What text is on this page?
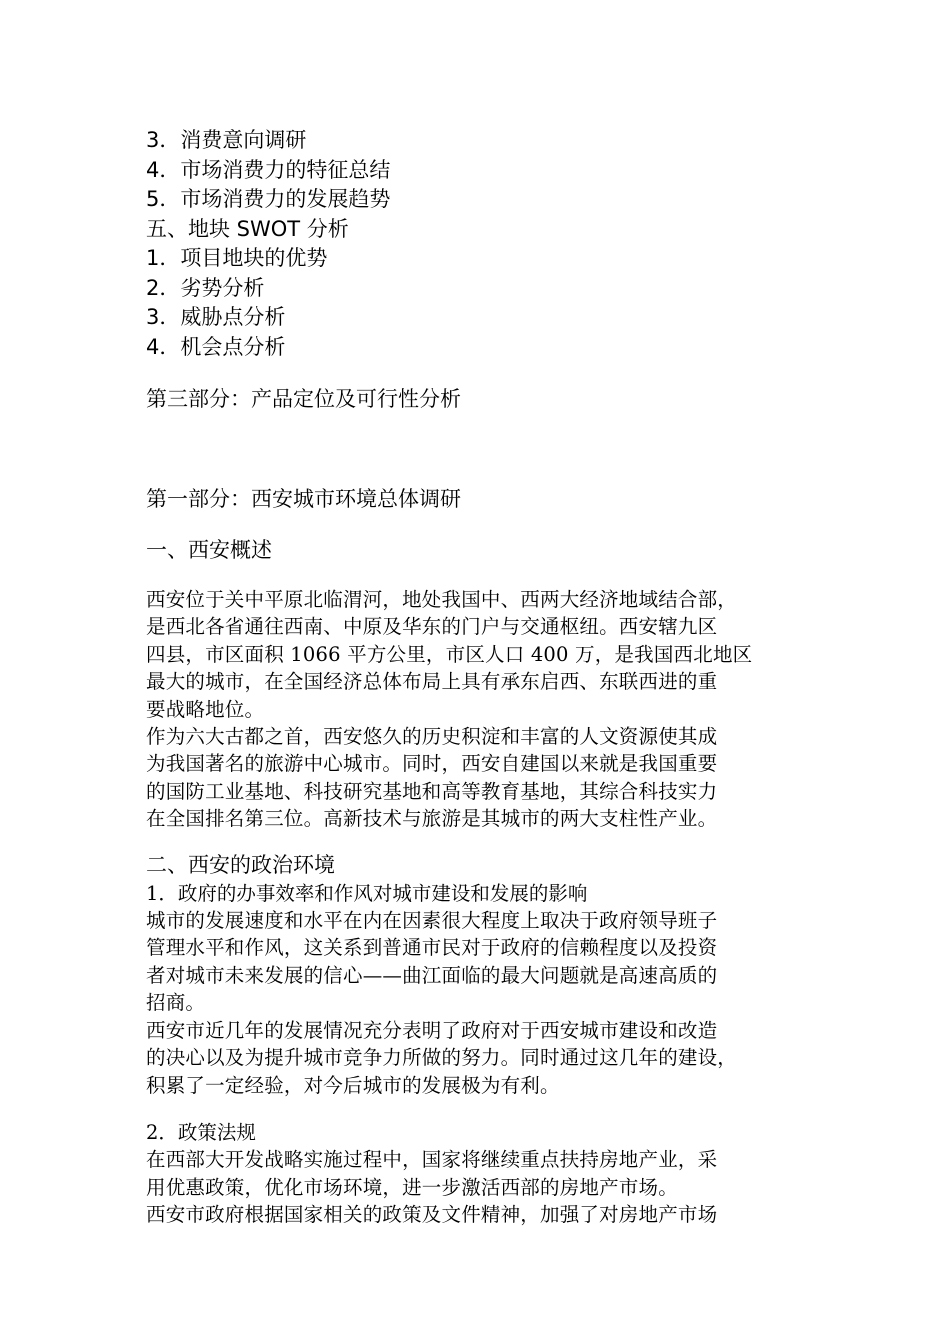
3．消费意向调研
4．市场消费力的特征总结
5．市场消费力的发展趋势
五、地块 SWOT 分析
1．项目地块的优势
2．劣势分析
3．威胁点分析
4．机会点分析
第三部分：产品定位及可行性分析
第一部分：西安城市环境总体调研
一、西安概述
西安位于关中平原北临渭河，地处我国中、西两大经济地域结合部，
是西北各省通往西南、中原及华东的门户与交通枢纽。西安辖九区
四县，市区面积 1066 平方公里，市区人口 400 万，是我国西北地区
最大的城市，在全国经济总体布局上具有承东启西、东联西进的重
要战略地位。
作为六大古都之首，西安悠久的历史积淀和丰富的人文资源使其成
为我国著名的旅游中心城市。同时，西安自建国以来就是我国重要
的国防工业基地、科技研究基地和高等教育基地，其综合科技实力
在全国排名第三位。高新技术与旅游是其城市的两大支柱性产业。
二、西安的政治环境
1．政府的办事效率和作风对城市建设和发展的影响
城市的发展速度和水平在内在因素很大程度上取决于政府领导班子
管理水平和作风，这关系到普通市民对于政府的信赖程度以及投资
者对城市未来发展的信心——曲江面临的最大问题就是高速高质的
招商。
西安市近几年的发展情况充分表明了政府对于西安城市建设和改造
的决心以及为提升城市竞争力所做的努力。同时通过这几年的建设，
积累了一定经验，对今后城市的发展极为有利。
2．政策法规
在西部大开发战略实施过程中，国家将继续重点扶持房地产业，采
用优惠政策，优化市场环境，进一步激活西部的房地产市场。
西安市政府根据国家相关的政策及文件精神，加强了对房地产市场
